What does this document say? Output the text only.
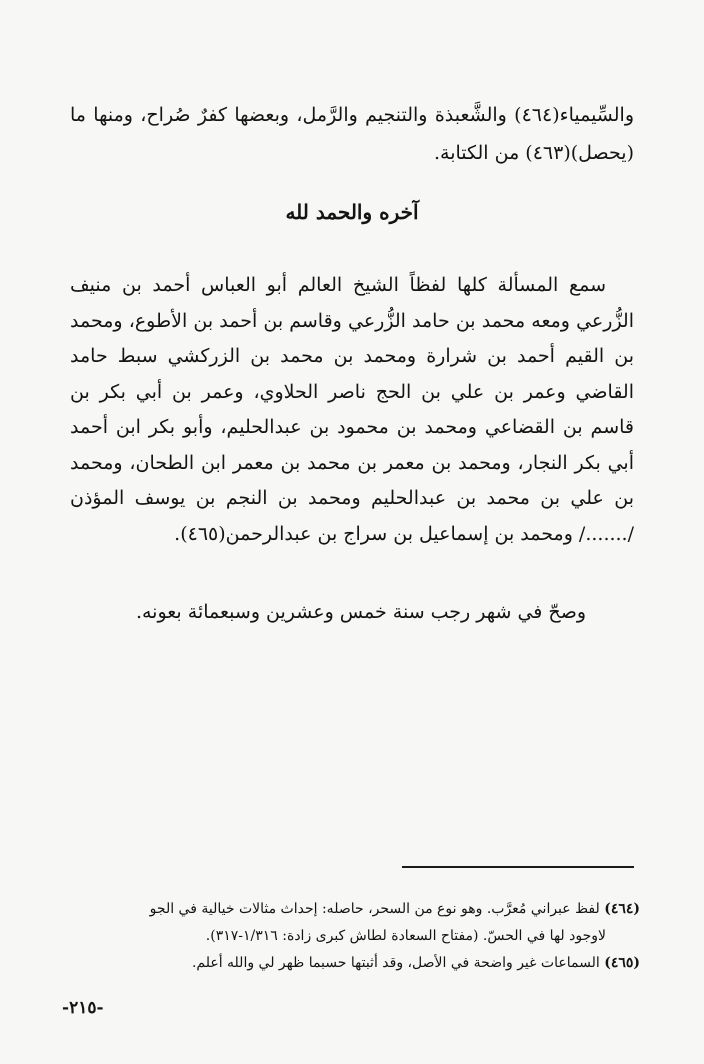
والسِّيمياء(٤٦٤) والشَّعبذة والتنجيم والرَّمل، وبعضها كفرٌ صُراح، ومنها ما (يحصل)(٤٦٣) من الكتابة.
آخره والحمد لله

سمع المسألة كلها لفظاً الشيخ العالم أبو العباس أحمد بن منيف الزُّرعي ومعه محمد بن حامد الزُّرعي وقاسم بن أحمد بن الأطوع، ومحمد بن القيم أحمد بن شرارة ومحمد بن محمد بن الزركشي سبط حامد القاضي وعمر بن علي بن الحج ناصر الحلاوي، وعمر بن أبي بكر بن قاسم بن القضاعي ومحمد بن محمود بن عبدالحليم، وأبو بكر ابن أحمد أبي بكر النجار، ومحمد بن معمر بن محمد بن معمر ابن الطحان، ومحمد بن علي بن محمد بن عبدالحليم ومحمد بن النجم بن يوسف المؤذن /......./ ومحمد بن إسماعيل بن سراج بن عبدالرحمن(٤٦٥).

وصحّ في شهر رجب سنة خمس وعشرين وسبعمائة بعونه.

(٤٦٤) لفظ عبراني مُعرَّب. وهو نوع من السحر، حاصله: إحداث مثالات خيالية في الجو
لاوجود لها في الحسّ. (مفتاح السعادة لطاش كبرى زادة: ١/٣١٦-٣١٧).

(٤٦٥) السماعات غير واضحة في الأصل، وقد أثبتها حسبما ظهر لي والله أعلم.

-٢١٥-
